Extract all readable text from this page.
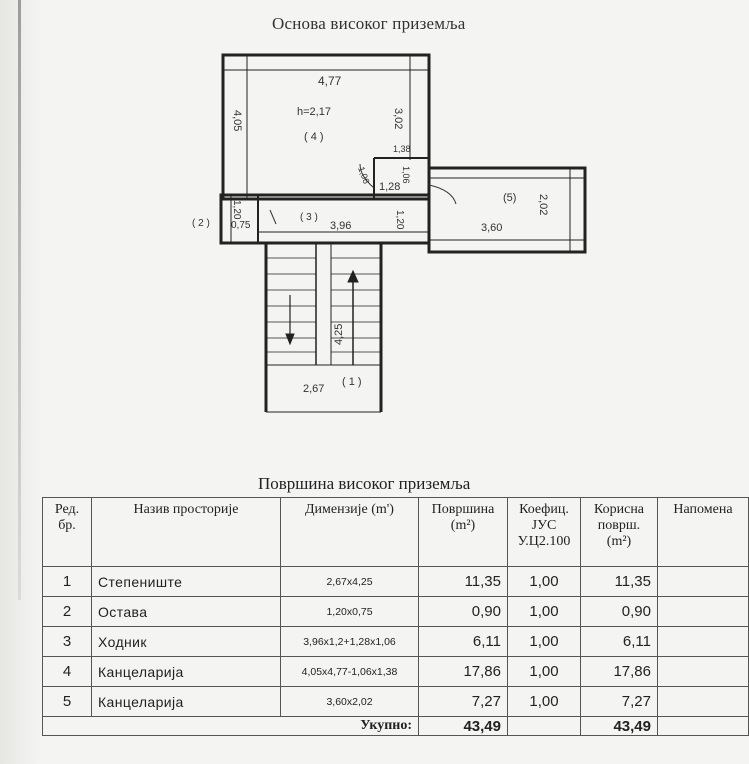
Основа високог приземља
4,77
h=2,17
( 4 )
4,05	3,02
1,38
1,06
1,28
1,06
(5) 2,02
3,60
( 2 )
1,20
0,75
( 3 )
3,96	1,20
2,67
4,25
( 1 )
Површина високог приземља
Ред. бр.	Назив просторије	Димензије (m')	Површина (m²)	Коефиц. ЈУС У.Ц2.100	Корисна површ. (m²)	Напомена
1	Степениште	2,67x4,25	11,35	1,00	11,35	
2	Остава	1,20x0,75	0,90	1,00	0,90	
3	Ходник	3,96x1,2+1,28x1,06	6,11	1,00	6,11	
4	Канцеларија	4,05x4,77-1,06x1,38	17,86	1,00	17,86	
5	Канцеларија	3,60x2,02	7,27	1,00	7,27	
Укупно:			43,49		43,49	
